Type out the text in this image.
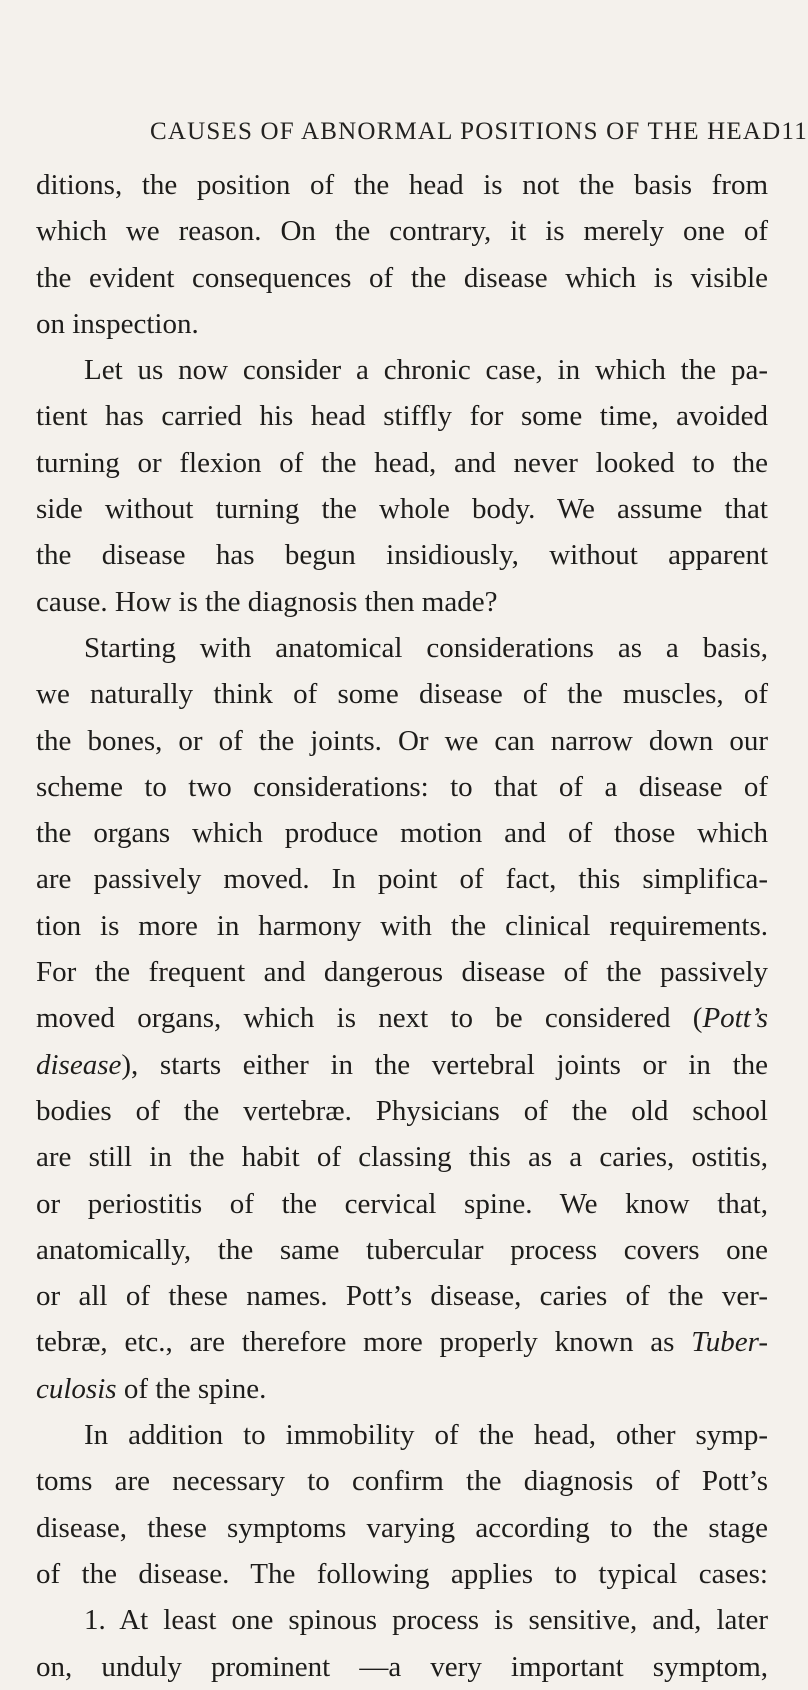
CAUSES OF ABNORMAL POSITIONS OF THE HEAD 11
ditions, the position of the head is not the basis from
which we reason. On the contrary, it is merely one of
the evident consequences of the disease which is visible
on inspection.
Let us now consider a chronic case, in which the pa-
tient has carried his head stiffly for some time, avoided
turning or flexion of the head, and never looked to the
side without turning the whole body. We assume that
the disease has begun insidiously, without apparent
cause. How is the diagnosis then made?
Starting with anatomical considerations as a basis,
we naturally think of some disease of the muscles, of
the bones, or of the joints. Or we can narrow down our
scheme to two considerations: to that of a disease of
the organs which produce motion and of those which
are passively moved. In point of fact, this simplifica-
tion is more in harmony with the clinical requirements.
For the frequent and dangerous disease of the passively
moved organs, which is next to be considered (Pott’s
disease), starts either in the vertebral joints or in the
bodies of the vertebræ. Physicians of the old school
are still in the habit of classing this as a caries, ostitis,
or periostitis of the cervical spine. We know that,
anatomically, the same tubercular process covers one
or all of these names. Pott’s disease, caries of the ver-
tebræ, etc., are therefore more properly known as Tuber-
culosis of the spine.
In addition to immobility of the head, other symp-
toms are necessary to confirm the diagnosis of Pott’s
disease, these symptoms varying according to the stage
of the disease. The following applies to typical cases:
1. At least one spinous process is sensitive, and, later
on, unduly prominent —a very important symptom,
